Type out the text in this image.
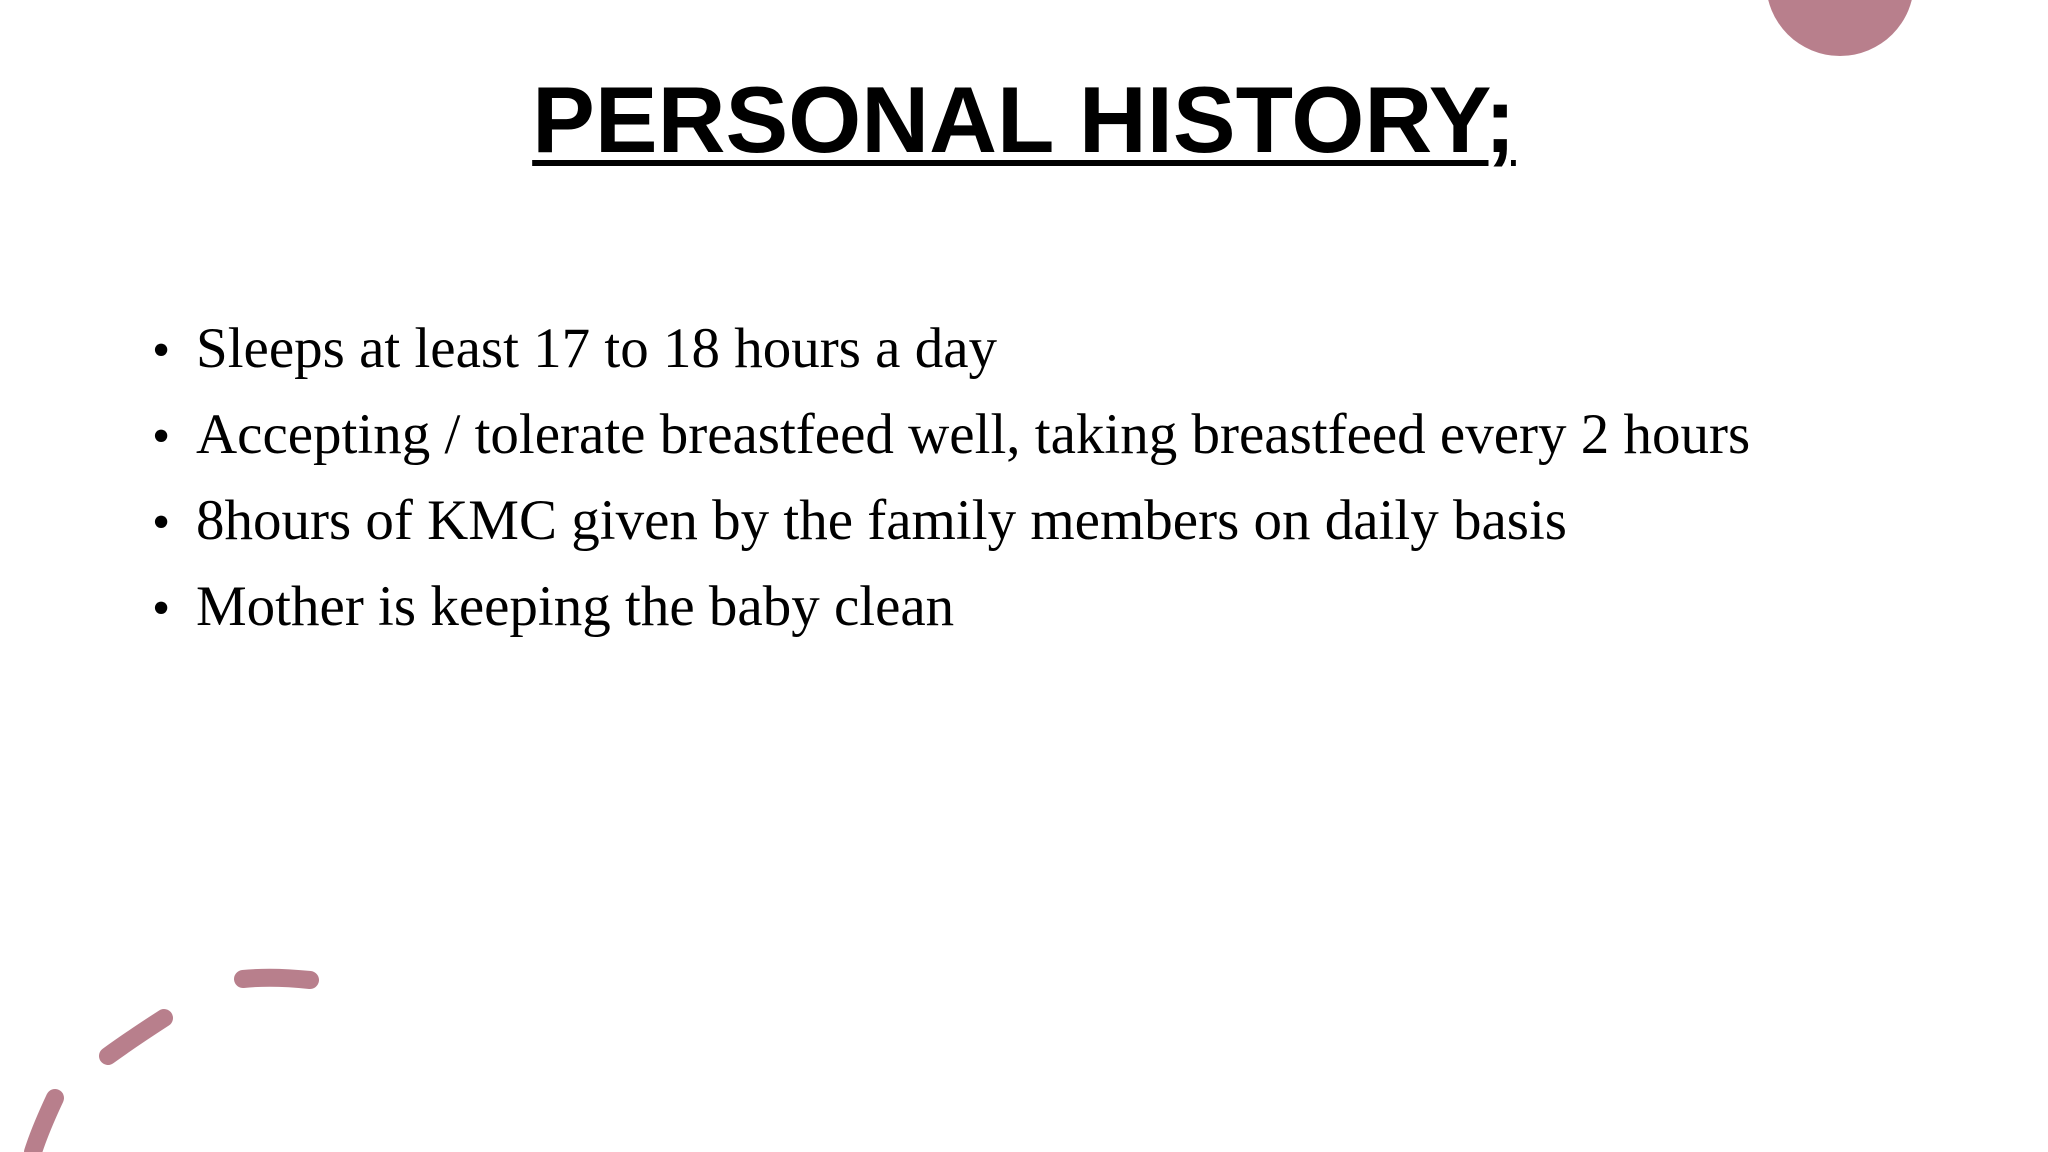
PERSONAL HISTORY;
• Sleeps at least 17 to 18 hours a day
• Accepting / tolerate breastfeed well, taking breastfeed every 2 hours
• 8hours of KMC given by the family members on daily basis
• Mother is keeping the baby clean
